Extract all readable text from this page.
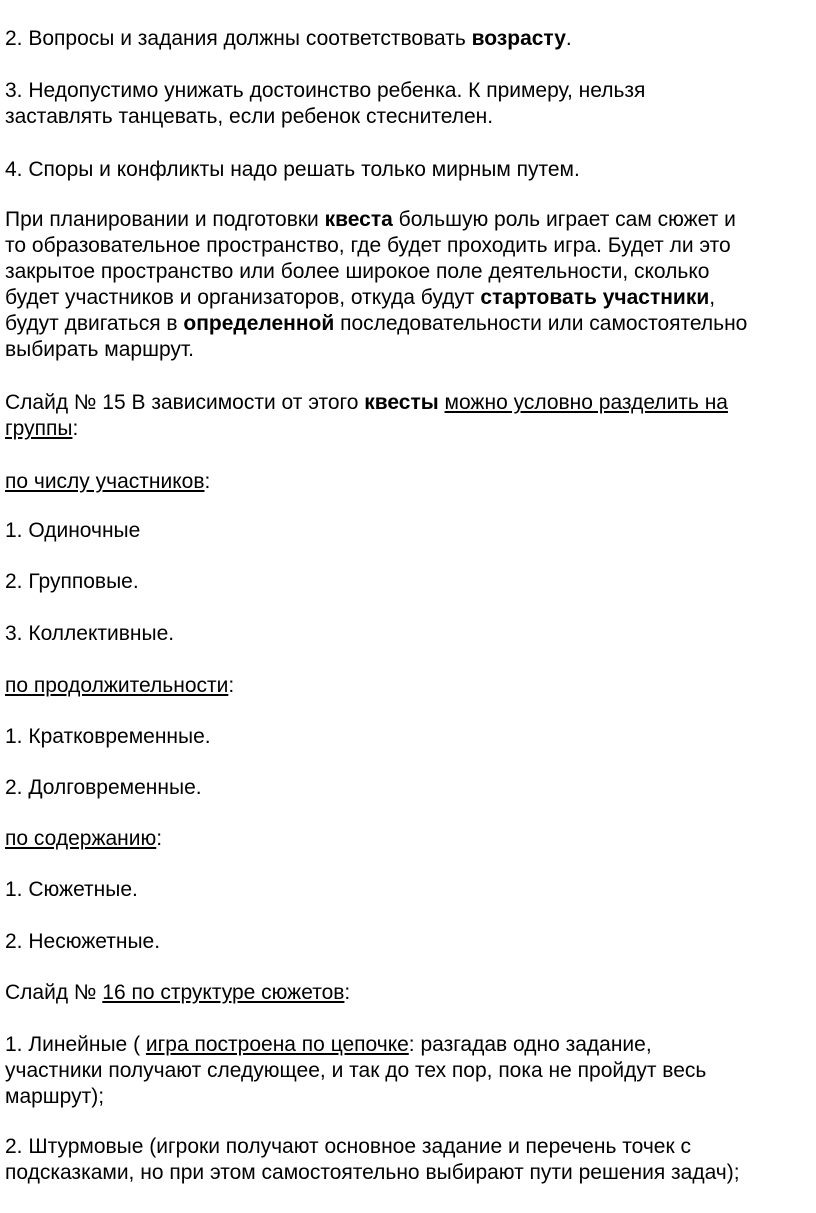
2. Вопросы и задания должны соответствовать возрасту.

3. Недопустимо унижать достоинство ребенка. К примеру, нельзя
заставлять танцевать, если ребенок стеснителен.

4. Споры и конфликты надо решать только мирным путем.

При планировании и подготовки квеста большую роль играет сам сюжет и
то образовательное пространство, где будет проходить игра. Будет ли это
закрытое пространство или более широкое поле деятельности, сколько
будет участников и организаторов, откуда будут стартовать участники,
будут двигаться в определенной последовательности или самостоятельно
выбирать маршрут.

Слайд № 15 В зависимости от этого квесты можно условно разделить на
группы:

по числу участников:

1. Одиночные

2. Групповые.

3. Коллективные.

по продолжительности:

1. Кратковременные.

2. Долговременные.

по содержанию:

1. Сюжетные.

2. Несюжетные.

Слайд № 16 по структуре сюжетов:

1. Линейные ( игра построена по цепочке: разгадав одно задание,
участники получают следующее, и так до тех пор, пока не пройдут весь
маршрут);

2. Штурмовые (игроки получают основное задание и перечень точек с
подсказками, но при этом самостоятельно выбирают пути решения задач);
